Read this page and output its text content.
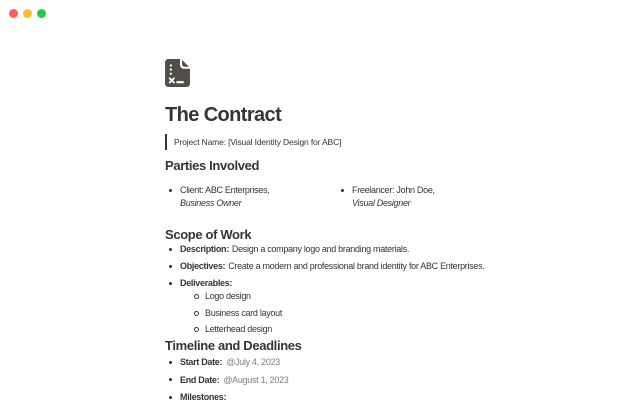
The Contract
Project Name: [Visual Identity Design for ABC]
Parties Involved
Client: ABC Enterprises,
Business Owner
Freelancer: John Doe,
Visual Designer
Scope of Work
Description: Design a company logo and branding materials.
Objectives: Create a modern and professional brand identity for ABC Enterprises.
Deliverables:
Logo design
Business card layout
Letterhead design
Timeline and Deadlines
Start Date: @July 4, 2023
End Date: @August 1, 2023
Milestones:
